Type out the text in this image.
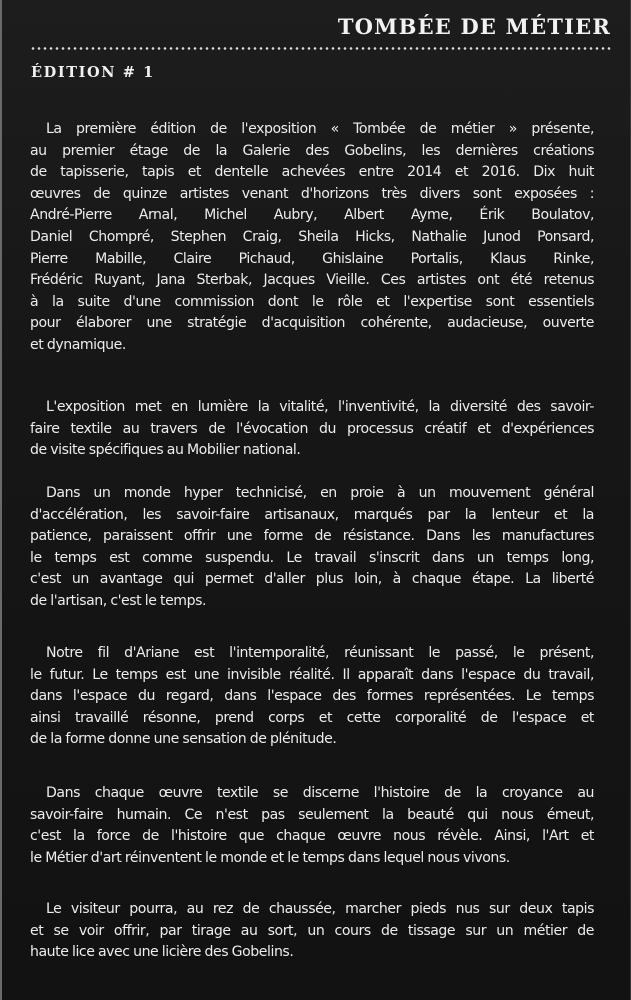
TOMBÉE DE MÉTIER
ÉDITION # 1

La première édition de l'exposition « Tombée de métier » présente,
au premier étage de la Galerie des Gobelins, les dernières créations
de tapisserie, tapis et dentelle achevées entre 2014 et 2016. Dix huit
œuvres de quinze artistes venant d'horizons très divers sont exposées :
André-Pierre Arnal, Michel Aubry, Albert Ayme, Érik Boulatov,
Daniel Chompré, Stephen Craig, Sheila Hicks, Nathalie Junod Ponsard,
Pierre Mabille, Claire Pichaud, Ghislaine Portalis, Klaus Rinke,
Frédéric Ruyant, Jana Sterbak, Jacques Vieille. Ces artistes ont été retenus
à la suite d'une commission dont le rôle et l'expertise sont essentiels
pour élaborer une stratégie d'acquisition cohérente, audacieuse, ouverte
et dynamique.

L'exposition met en lumière la vitalité, l'inventivité, la diversité des savoir-
faire textile au travers de l'évocation du processus créatif et d'expériences
de visite spécifiques au Mobilier national.

Dans un monde hyper technicisé, en proie à un mouvement général
d'accélération, les savoir-faire artisanaux, marqués par la lenteur et la
patience, paraissent offrir une forme de résistance. Dans les manufactures
le temps est comme suspendu. Le travail s'inscrit dans un temps long,
c'est un avantage qui permet d'aller plus loin, à chaque étape. La liberté
de l'artisan, c'est le temps.

Notre fil d'Ariane est l'intemporalité, réunissant le passé, le présent,
le futur. Le temps est une invisible réalité. Il apparaît dans l'espace du travail,
dans l'espace du regard, dans l'espace des formes représentées. Le temps
ainsi travaillé résonne, prend corps et cette corporalité de l'espace et
de la forme donne une sensation de plénitude.

Dans chaque œuvre textile se discerne l'histoire de la croyance au
savoir-faire humain. Ce n'est pas seulement la beauté qui nous émeut,
c'est la force de l'histoire que chaque œuvre nous révèle. Ainsi, l'Art et
le Métier d'art réinventent le monde et le temps dans lequel nous vivons.

Le visiteur pourra, au rez de chaussée, marcher pieds nus sur deux tapis
et se voir offrir, par tirage au sort, un cours de tissage sur un métier de
haute lice avec une licière des Gobelins.
